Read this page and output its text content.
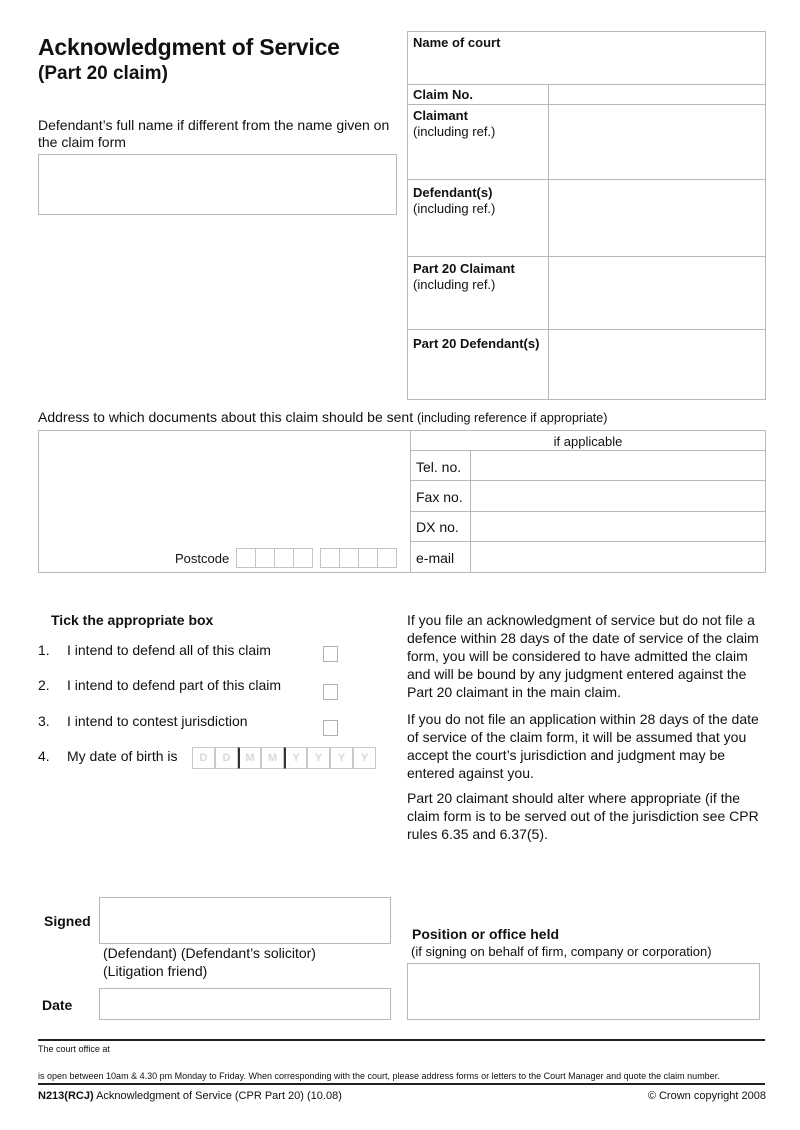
Acknowledgment of Service
(Part 20 claim)
Defendant’s full name if different from the name given on the claim form
Name of court
Claim No.
Claimant
(including ref.)
Defendant(s)
(including ref.)
Part 20 Claimant
(including ref.)
Part 20 Defendant(s)
Address to which documents about this claim should be sent (including reference if appropriate)
Postcode
if applicable
Tel. no.
Fax no.
DX no.
e-mail
Tick the appropriate box
1. I intend to defend all of this claim
2. I intend to defend part of this claim
3. I intend to contest jurisdiction
4. My date of birth is	D	D	M	M	Y	Y	Y	Y
If you file an acknowledgment of service but do not file a defence within 28 days of the date of service of the claim form, you will be considered to have admitted the claim and will be bound by any judgment entered against the Part 20 claimant in the main claim.
If you do not file an application within 28 days of the date of service of the claim form, it will be assumed that you accept the court’s jurisdiction and judgment may be entered against you.
Part 20 claimant should alter where appropriate (if the claim form is to be served out of the jurisdiction see CPR rules 6.35 and 6.37(5).
Signed
(Defendant) (Defendant’s solicitor)
(Litigation friend)
Date
Position or office held
(if signing on behalf of firm, company or corporation)
The court office at
is open between 10am & 4.30 pm Monday to Friday. When corresponding with the court, please address forms or letters to the Court Manager and quote the claim number.
N213(RCJ) Acknowledgment of Service (CPR Part 20) (10.08)	© Crown copyright 2008
